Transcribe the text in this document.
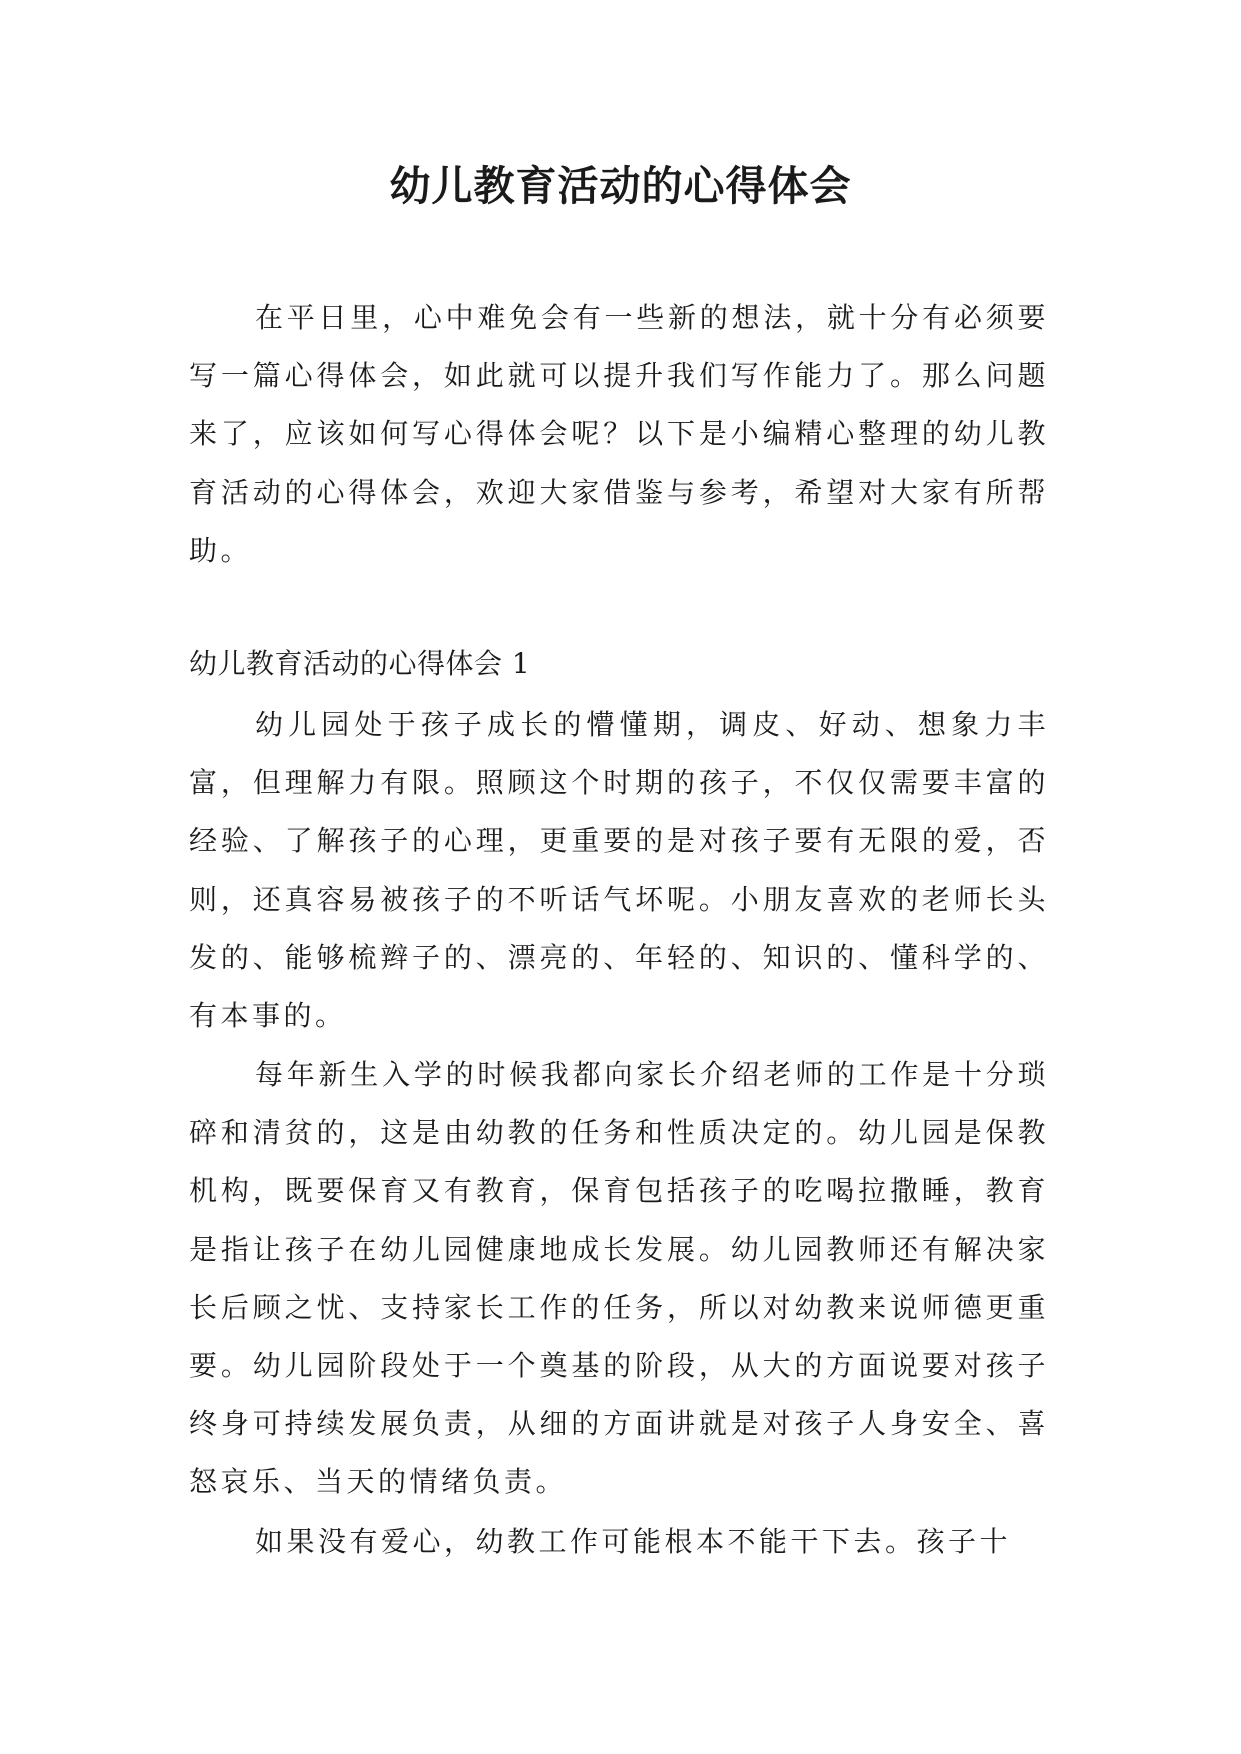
幼儿教育活动的心得体会

在平日里，心中难免会有一些新的想法，就十分有必须要写一篇心得体会，如此就可以提升我们写作能力了。那么问题来了，应该如何写心得体会呢？以下是小编精心整理的幼儿教育活动的心得体会，欢迎大家借鉴与参考，希望对大家有所帮助。

幼儿教育活动的心得体会 1

幼儿园处于孩子成长的懵懂期，调皮、好动、想象力丰富，但理解力有限。照顾这个时期的孩子，不仅仅需要丰富的经验、了解孩子的心理，更重要的是对孩子要有无限的爱，否则，还真容易被孩子的不听话气坏呢。小朋友喜欢的老师长头发的、能够梳辫子的、漂亮的、年轻的、知识的、懂科学的、有本事的。

每年新生入学的时候我都向家长介绍老师的工作是十分琐碎和清贫的，这是由幼教的任务和性质决定的。幼儿园是保教机构，既要保育又有教育，保育包括孩子的吃喝拉撒睡，教育是指让孩子在幼儿园健康地成长发展。幼儿园教师还有解决家长后顾之忧、支持家长工作的任务，所以对幼教来说师德更重要。幼儿园阶段处于一个奠基的阶段，从大的方面说要对孩子终身可持续发展负责，从细的方面讲就是对孩子人身安全、喜怒哀乐、当天的情绪负责。

如果没有爱心，幼教工作可能根本不能干下去。孩子十
